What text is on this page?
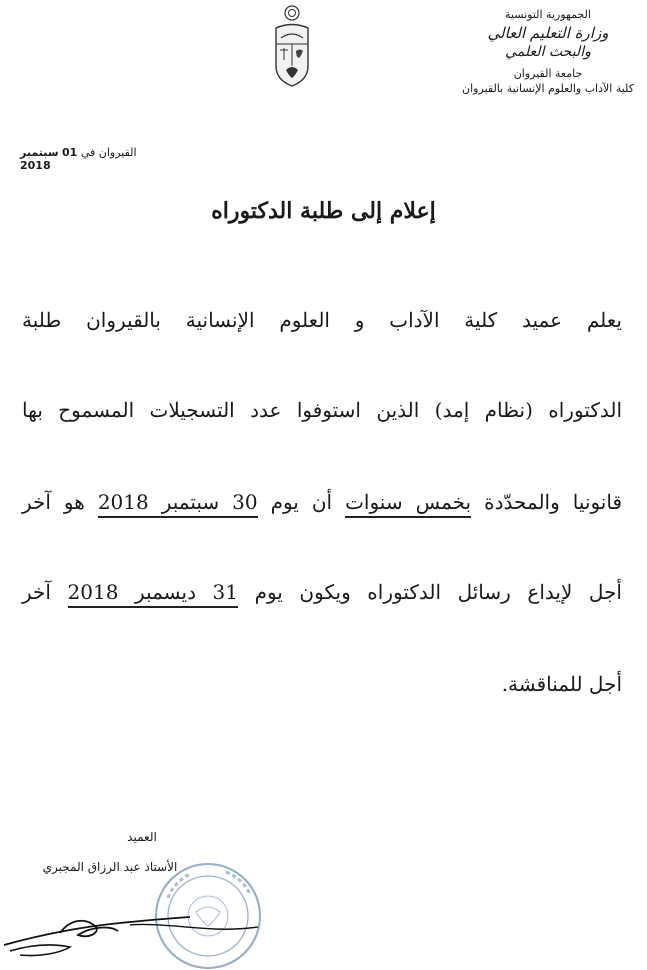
الجمهورية التونسية
وزارة التعليم العالي
والبحث العلمي
جامعة القيروان
كلية الآداب والعلوم الإنسانية بالقيروان
القيروان في 01 سبتمبر 2018
إعلام إلى طلبة الدكتوراه
يعلم عميد كلية الآداب و العلوم الإنسانية بالقيروان طلبة
الدكتوراه (نظام إمد) الذين استوفوا عدد التسجيلات المسموح بها
قانونيا والمحدّدة بخمس سنوات أن يوم 30 سبتمبر 2018 هو آخر
أجل لإيداع رسائل الدكتوراه ويكون يوم 31 ديسمبر 2018 آخر
أجل للمناقشة.
العميد
الأستاذ عبد الرزاق المجبري
